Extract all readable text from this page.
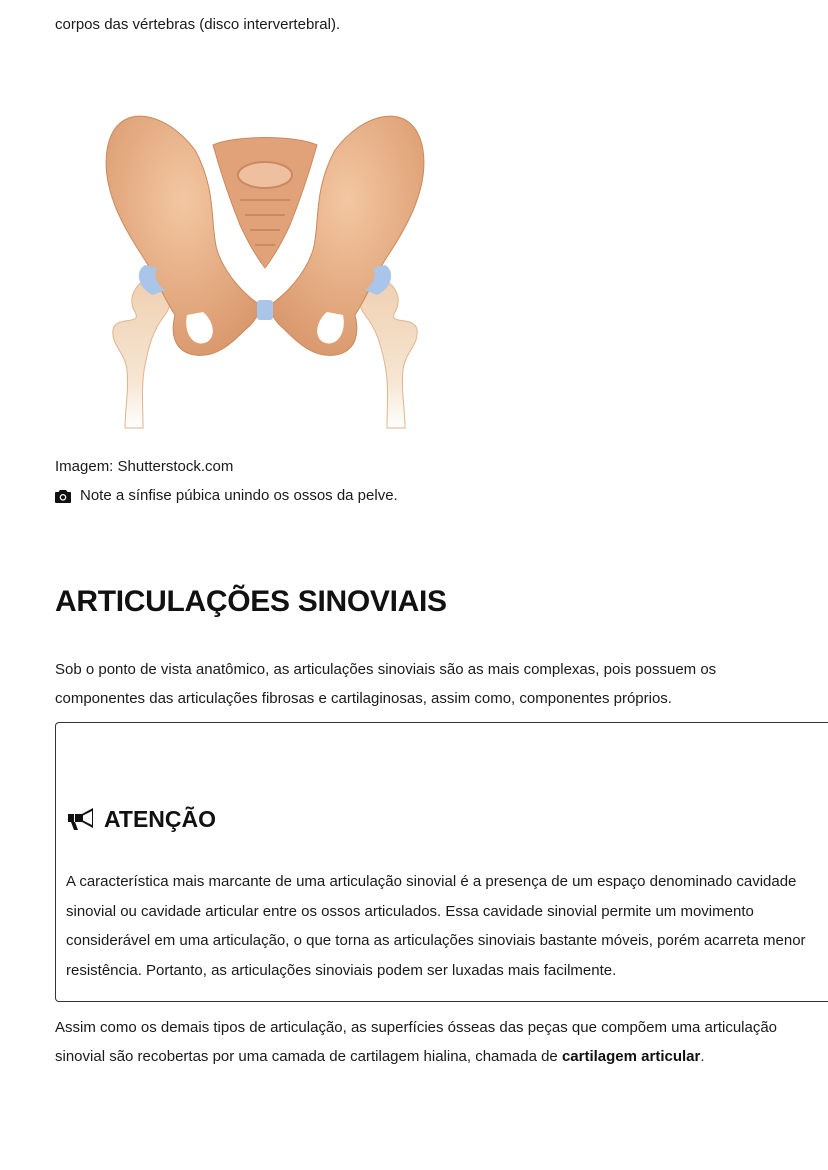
corpos das vértebras (disco intervertebral).

Imagem: Shutterstock.com

Note a sínfise púbica unindo os ossos da pelve.

ARTICULAÇÕES SINOVIAIS

Sob o ponto de vista anatômico, as articulações sinoviais são as mais complexas, pois possuem os componentes das articulações fibrosas e cartilaginosas, assim como, componentes próprios.

ATENÇÃO

A característica mais marcante de uma articulação sinovial é a presença de um espaço denominado cavidade sinovial ou cavidade articular entre os ossos articulados. Essa cavidade sinovial permite um movimento considerável em uma articulação, o que torna as articulações sinoviais bastante móveis, porém acarreta menor resistência. Portanto, as articulações sinoviais podem ser luxadas mais facilmente.

Assim como os demais tipos de articulação, as superfícies ósseas das peças que compõem uma articulação sinovial são recobertas por uma camada de cartilagem hialina, chamada de cartilagem articular.
